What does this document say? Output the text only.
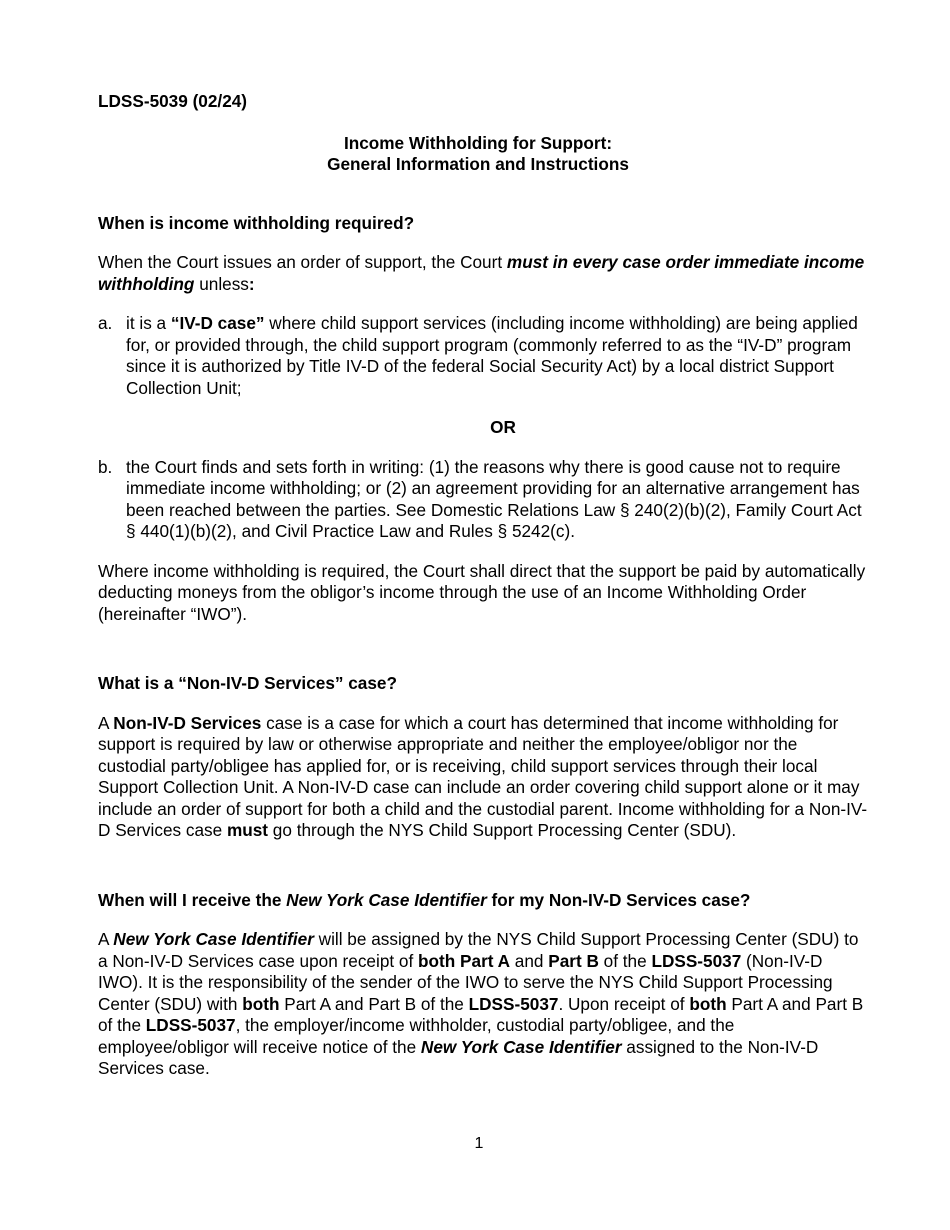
LDSS-5039 (02/24)

Income Withholding for Support:
General Information and Instructions

When is income withholding required?

When the Court issues an order of support, the Court must in every case order immediate income withholding unless:

a. it is a “IV-D case” where child support services (including income withholding) are being applied for, or provided through, the child support program (commonly referred to as the “IV-D” program since it is authorized by Title IV-D of the federal Social Security Act) by a local district Support Collection Unit;

OR

b. the Court finds and sets forth in writing: (1) the reasons why there is good cause not to require immediate income withholding; or (2) an agreement providing for an alternative arrangement has been reached between the parties. See Domestic Relations Law § 240(2)(b)(2), Family Court Act § 440(1)(b)(2), and Civil Practice Law and Rules § 5242(c).

Where income withholding is required, the Court shall direct that the support be paid by automatically deducting moneys from the obligor’s income through the use of an Income Withholding Order (hereinafter “IWO”).

What is a “Non-IV-D Services” case?

A Non-IV-D Services case is a case for which a court has determined that income withholding for support is required by law or otherwise appropriate and neither the employee/obligor nor the custodial party/obligee has applied for, or is receiving, child support services through their local Support Collection Unit. A Non-IV-D case can include an order covering child support alone or it may include an order of support for both a child and the custodial parent. Income withholding for a Non-IV-D Services case must go through the NYS Child Support Processing Center (SDU).

When will I receive the New York Case Identifier for my Non-IV-D Services case?

A New York Case Identifier will be assigned by the NYS Child Support Processing Center (SDU) to a Non-IV-D Services case upon receipt of both Part A and Part B of the LDSS-5037 (Non-IV-D IWO). It is the responsibility of the sender of the IWO to serve the NYS Child Support Processing Center (SDU) with both Part A and Part B of the LDSS-5037. Upon receipt of both Part A and Part B of the LDSS-5037, the employer/income withholder, custodial party/obligee, and the employee/obligor will receive notice of the New York Case Identifier assigned to the Non-IV-D Services case.

1
